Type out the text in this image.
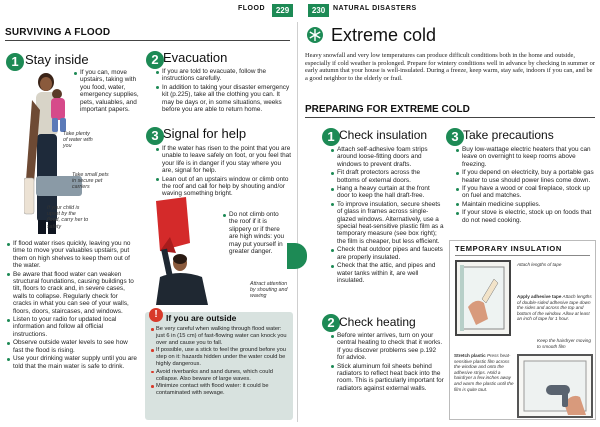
FLOOD	229	230	NATURAL DISASTERS
SURVIVING A FLOOD
1 Stay inside
If you can, move upstairs, taking with you food, water, emergency supplies, pets, valuables, and important papers.
Take plenty of water with you
Take small pets in secure pet carriers
If your child is upset by the flood, carry her to safety
If flood water rises quickly, leaving you no time to move your valuables upstairs, put them on high shelves to keep them out of the water.
Be aware that flood water can weaken structural foundations, causing buildings to tilt, floors to crack and, in severe cases, walls to collapse. Regularly check for cracks in what you can see of your walls, floors, doors, staircases, and windows.
Listen to your radio for updated local information and follow all official instructions.
Observe outside water levels to see how fast the flood is rising.
Use your drinking water supply until you are told that the main water is safe to drink.
2 Evacuation
If you are told to evacuate, follow the instructions carefully.
In addition to taking your disaster emergency kit (p.225), take all the clothing you can. It may be days or, in some situations, weeks before you are able to return home.
3 Signal for help
If the water has risen to the point that you are unable to leave safely on foot, or you feel that your life is in danger if you stay where you are, signal for help.
Lean out of an upstairs window or climb onto the roof and call for help by shouting and/or waving something bright.
Do not climb onto the roof if it is slippery or if there are high winds: you may put yourself in greater danger.
Attract attention by shouting and waving
! If you are outside
Be very careful when walking through flood water: just 6 in (15 cm) of fast-flowing water can knock you over and cause you to fall.
If possible, use a stick to feel the ground before you step on it: hazards hidden under the water could be highly dangerous.
Avoid riverbanks and sand dunes, which could collapse. Also beware of large waves.
Minimize contact with flood water: it could be contaminated with sewage.
Extreme cold
Heavy snowfall and very low temperatures can produce difficult conditions both in the home and outside, especially if cold weather is prolonged. Prepare for wintery conditions well in advance by checking in summer or early autumn that your house is well-insulated. During a freeze, keep warm, stay safe, indoors if you can, and be a good neighbor to the elderly or frail.
PREPARING FOR EXTREME COLD
1 Check insulation
Attach self-adhesive foam strips around loose-fitting doors and windows to prevent drafts.
Fit draft protectors across the bottoms of external doors.
Hang a heavy curtain at the front door to keep the hall draft-free.
To improve insulation, secure sheets of glass in frames across single-glazed windows. Alternatively, use a special heat-sensitive plastic film as a temporary measure (see box right); the film is cheaper, but less efficient.
Check that outdoor pipes and faucets are properly insulated.
Check that the attic, and pipes and water tanks within it, are well insulated.
2 Check heating
Before winter arrives, turn on your central heating to check that it works. If you discover problems see p.192 for advice.
Stick aluminum foil sheets behind radiators to reflect heat back into the room. This is particularly important for radiators against external walls.
3 Take precautions
Buy low-wattage electric heaters that you can leave on overnight to keep rooms above freezing.
If you depend on electricity, buy a portable gas heater to use should power lines come down.
If you have a wood or coal fireplace, stock up on fuel and matches.
Maintain medicine supplies.
If your stove is electric, stock up on foods that do not need cooking.
TEMPORARY INSULATION
Attach lengths of tape
Apply adhesive tape Attach lengths of double-sided adhesive tape down the sides and across the top and bottom of the window. Allow at least an inch of tape for 1 hour.
Keep the hairdryer moving to smooth film
Stretch plastic Press heat-sensitive plastic film across the window and onto the adhesive strips. Hold a hairdryer a few inches away and warm the plastic until the film is quite taut.
